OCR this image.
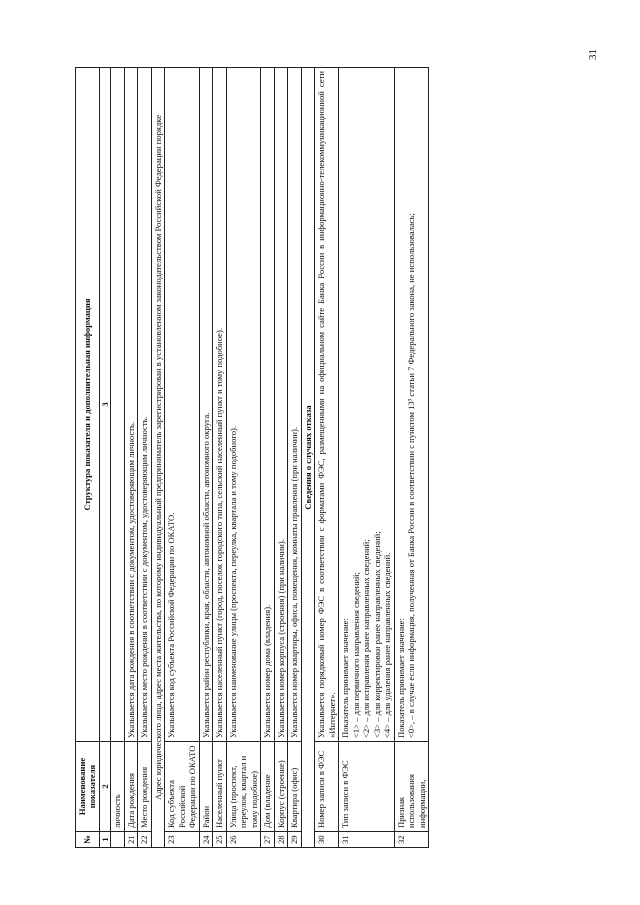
31
№	Наименование показателя	Структура показателя и дополнительная информация
1	2	3
	личность	
21	Дата рождения	Указывается дата рождения в соответствии с документом, удостоверяющим личность.
22	Место рождения	Указывается место рождения в соответствии с документом, удостоверяющим личность.
Адрес юридического лица, адрес места жительства, по которому индивидуальный предприниматель зарегистрирован в установленном законодательством Российской Федерации порядке		
23	Код субъекта Российской Федерации по ОКАТО	Указывается код субъекта Российской Федерации по ОКАТО.
24	Район	Указывается район республики, края, области, автономной области, автономного округа.
25	Населенный пункт	Указывается населенный пункт (город, поселок городского типа, сельский населенный пункт и тому подобное).
26	Улица (проспект, переулок, квартал и тому подобное)	Указывается наименование улицы (проспекта, переулка, квартала и тому подобного).
27	Дом (владение	Указывается номер дома (владения).
28	Корпус (строение)	Указывается номер корпуса (строения) (при наличии).
29	Квартира (офис)	Указывается номер квартиры, офиса, помещения, комнаты правления (при наличии).
Сведения о случаях отказа		
30	Номер записи в ФЭС	Указывается порядковый номер ФЭС в соответствии с форматами ФЭС, размещенными на официальном сайте Банка России в информационно-телекоммуникационной сети «Интернет».
31	Тип записи в ФЭС	Показатель принимает значение: <1> – для первичного направления сведений; <2> – для исправления ранее направленных сведений; <3> – для корректировки ранее направленных сведений; <4> – для удаления ранее направленных сведений.

32	Признак использования информации,	Показатель принимает значение: <0>, – в случае если информация, полученная от Банка России в соответствии с пунктом 13³ статьи 7 Федерального закона, не использовалась;
